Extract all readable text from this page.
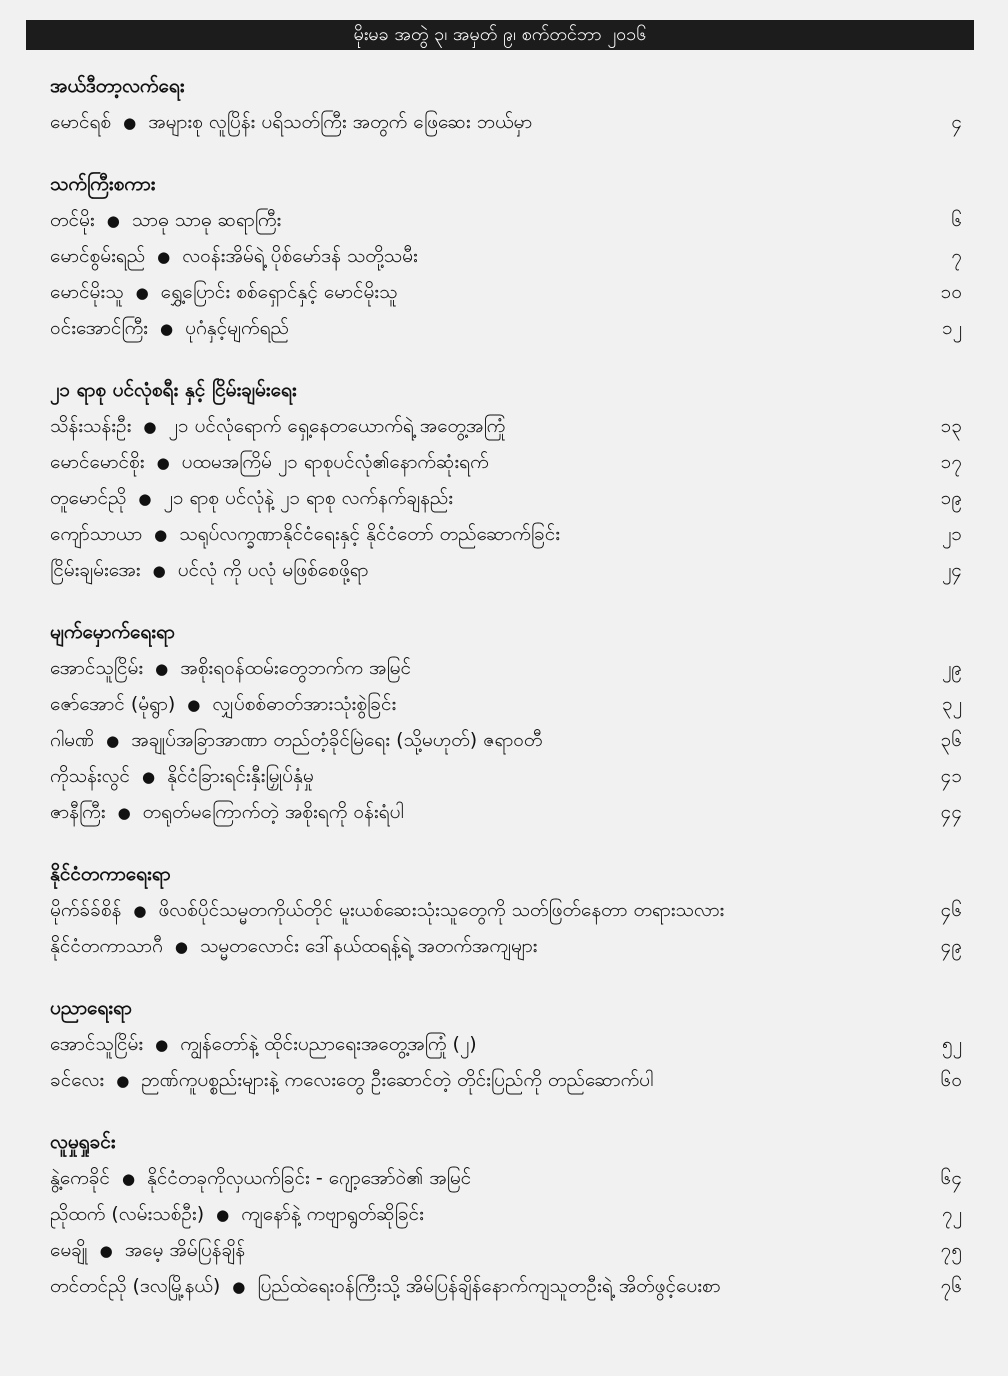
မိုးမခ အတွဲ ၃၊ အမှတ် ၉၊ စက်တင်ဘာ ၂၀၁၆
အယ်ဒီတာ့လက်ရေး
မောင်ရစ် ● အများစု လူပြိန်း ပရိသတ်ကြီး အတွက် ဖြေဆေး ဘယ်မှာ	၄
သက်ကြီးစကား
တင်မိုး ● သာဓု သာဓု ဆရာကြီး	၆
မောင်စွမ်းရည် ● လဝန်းအိမ်ရဲ့ ပိုစ်မော်ဒန် သတို့သမီး	၇
မောင်မိုးသူ ● ရွှေ့ပြောင်း စစ်ရှောင်နှင့် မောင်မိုးသူ	၁၀
ဝင်းအောင်ကြီး ● ပုဂံနှင့်မျက်ရည်	၁၂
၂၁ ရာစု ပင်လုံစရီး နှင့် ငြိမ်းချမ်းရေး
သိန်းသန်းဦး ● ၂၁ ပင်လုံရောက် ရှေ့နေတယောက်ရဲ့ အတွေ့အကြုံ	၁၃
မောင်မောင်စိုး ● ပထမအကြိမ် ၂၁ ရာစုပင်လုံ၏နောက်ဆုံးရက်	၁၇
တူမောင်ညို ● ၂၁ ရာစု ပင်လုံနဲ့ ၂၁ ရာစု လက်နက်ချနည်း	၁၉
ကျော်သာယာ ● သရုပ်လက္ခဏာနိုင်ငံရေးနှင့် နိုင်ငံတော် တည်ဆောက်ခြင်း	၂၁
ငြိမ်းချမ်းအေး ● ပင်လုံ ကို ပလုံ မဖြစ်စေဖို့ရာ	၂၄
မျက်မှောက်ရေးရာ
အောင်သူငြိမ်း ● အစိုးရဝန်ထမ်းတွေဘက်က အမြင်	၂၉
ဇော်အောင် (မုံရွာ) ● လျှပ်စစ်ဓာတ်အားသုံးစွဲခြင်း	၃၂
ဂါမဏိ ● အချုပ်အခြာအာဏာ တည်တံ့ခိုင်မြဲရေး (သို့မဟုတ်) ဇရာဝတီ	၃၆
ကိုသန်းလွင် ● နိုင်ငံခြားရင်းနှီးမြှုပ်နှံမှု	၄၁
ဇာနီကြီး ● တရုတ်မကြောက်တဲ့ အစိုးရကို ဝန်းရံပါ	၄၄
နိုင်ငံတကာရေးရာ
မိုက်ခ်ခ်စိန် ● ဖိလစ်ပိုင်သမ္မတကိုယ်တိုင် မူးယစ်ဆေးသုံးသူတွေကို သတ်ဖြတ်နေတာ တရားသလား	၄၆
နိုင်ငံတကာသာဂီ ● သမ္မတလောင်း ဒေါ်နယ်ထရန့်ရဲ့ အတက်အကျများ	၄၉
ပညာရေးရာ
အောင်သူငြိမ်း ● ကျွန်တော်နဲ့ ထိုင်းပညာရေးအတွေ့အကြုံ (၂)	၅၂
ခင်လေး ● ဉာဏ်ကူပစ္စည်းများနဲ့ ကလေးတွေ ဦးဆောင်တဲ့ တိုင်းပြည်ကို တည်ဆောက်ပါ	၆၀
လူမှုရှုခင်း
နွဲ့ကေခိုင် ● နိုင်ငံတခုကိုလှယက်ခြင်း - ဂျော့အော်ဝဲ၏ အမြင်	၆၄
ညိုထက် (လမ်းသစ်ဦး) ● ကျနော်နဲ့ ကဗျာရွတ်ဆိုခြင်း	၇၂
မေချို ● အမေ့ အိမ်ပြန်ချိန်	၇၅
တင်တင်ညို (ဒလမြို့နယ်) ● ပြည်ထဲရေးဝန်ကြီးသို့ အိမ်ပြန်ချိန်နောက်ကျသူတဦးရဲ့ အိတ်ဖွင့်ပေးစာ	၇၆
